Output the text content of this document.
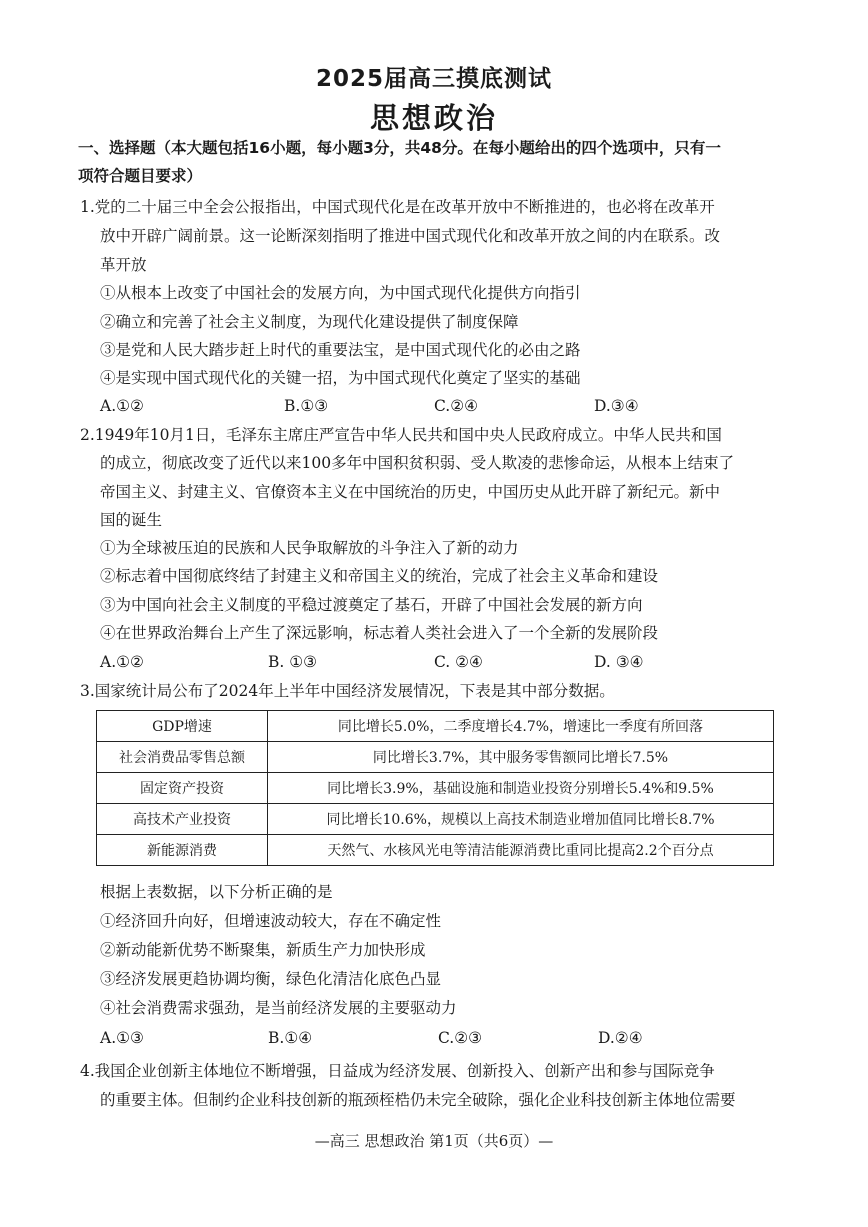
2025届高三摸底测试
思想政治
一、选择题（本大题包括16小题，每小题3分，共48分。在每小题给出的四个选项中，只有一
项符合题目要求）
1.党的二十届三中全会公报指出，中国式现代化是在改革开放中不断推进的，也必将在改革开
放中开辟广阔前景。这一论断深刻指明了推进中国式现代化和改革开放之间的内在联系。改
革开放
①从根本上改变了中国社会的发展方向，为中国式现代化提供方向指引
②确立和完善了社会主义制度，为现代化建设提供了制度保障
③是党和人民大踏步赶上时代的重要法宝，是中国式现代化的必由之路
④是实现中国式现代化的关键一招，为中国式现代化奠定了坚实的基础
A.①②	B.①③	C.②④	D.③④
2.1949年10月1日，毛泽东主席庄严宣告中华人民共和国中央人民政府成立。中华人民共和国
的成立，彻底改变了近代以来100多年中国积贫积弱、受人欺凌的悲惨命运，从根本上结束了
帝国主义、封建主义、官僚资本主义在中国统治的历史，中国历史从此开辟了新纪元。新中
国的诞生
①为全球被压迫的民族和人民争取解放的斗争注入了新的动力
②标志着中国彻底终结了封建主义和帝国主义的统治，完成了社会主义革命和建设
③为中国向社会主义制度的平稳过渡奠定了基石，开辟了中国社会发展的新方向
④在世界政治舞台上产生了深远影响，标志着人类社会进入了一个全新的发展阶段
A.①②	B. ①③	C. ②④	D. ③④
3.国家统计局公布了2024年上半年中国经济发展情况，下表是其中部分数据。
GDP增速	同比增长5.0%，二季度增长4.7%，增速比一季度有所回落
社会消费品零售总额	同比增长3.7%，其中服务零售额同比增长7.5%
固定资产投资	同比增长3.9%，基础设施和制造业投资分别增长5.4%和9.5%
高技术产业投资	同比增长10.6%，规模以上高技术制造业增加值同比增长8.7%
新能源消费	天然气、水核风光电等清洁能源消费比重同比提高2.2个百分点
根据上表数据，以下分析正确的是
①经济回升向好，但增速波动较大，存在不确定性
②新动能新优势不断聚集，新质生产力加快形成
③经济发展更趋协调均衡，绿色化清洁化底色凸显
④社会消费需求强劲，是当前经济发展的主要驱动力
A.①③	B.①④	C.②③	D.②④
4.我国企业创新主体地位不断增强，日益成为经济发展、创新投入、创新产出和参与国际竞争
的重要主体。但制约企业科技创新的瓶颈桎梏仍未完全破除，强化企业科技创新主体地位需要
—高三 思想政治 第1页（共6页）—
